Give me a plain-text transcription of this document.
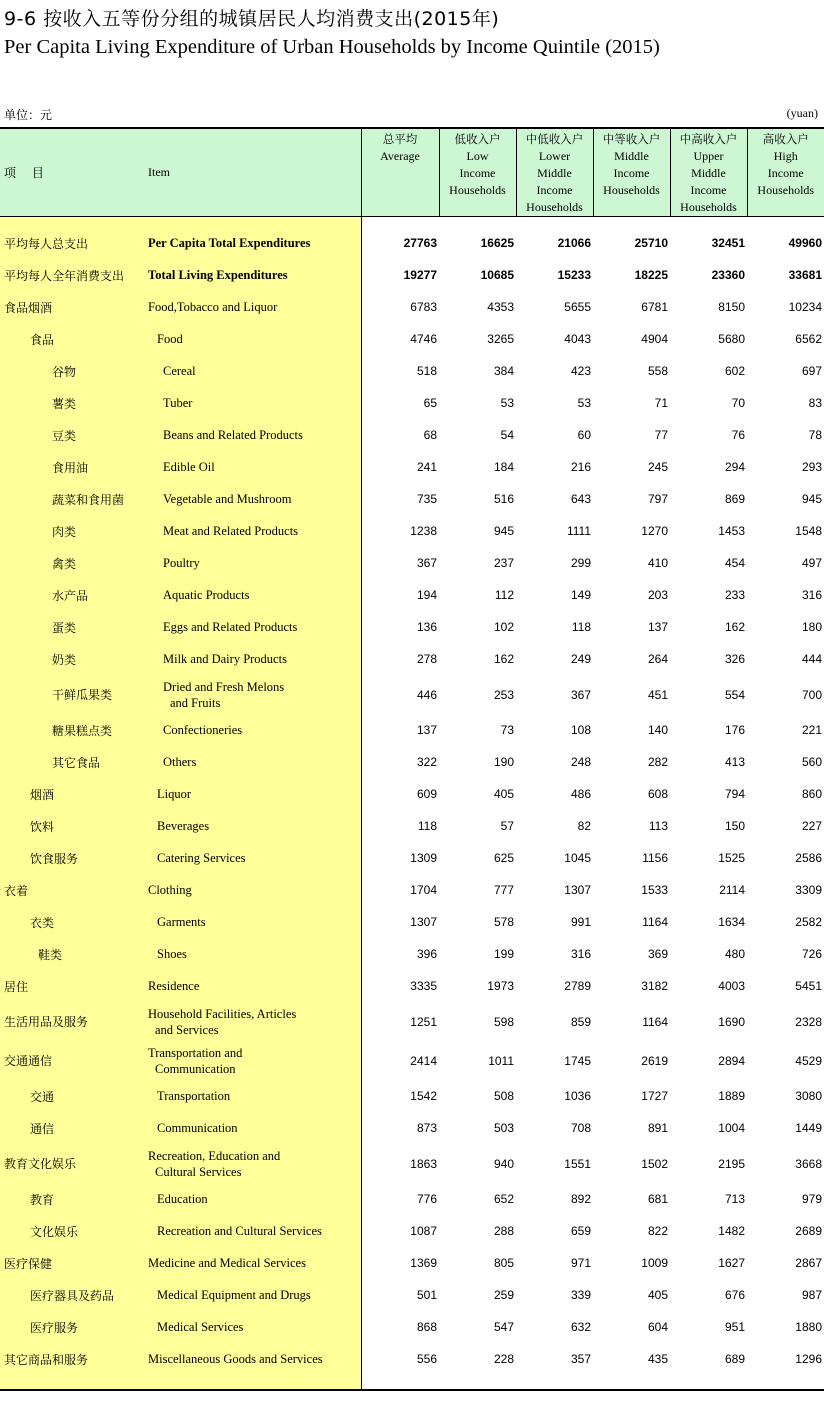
9-6 按收入五等份分组的城镇居民人均消费支出(2015年)
Per Capita Living Expenditure of Urban Households by Income Quintile (2015)
单位：元	(yuan)
项 目	Item	总平均
Average	低收入户
Low
Income
Households	中低收入户
Lower
Middle
Income
Households	中等收入户
Middle
Income
Households	中高收入户
Upper
Middle
Income
Households	高收入户
High
Income
Households

平均每人总支出	Per Capita Total Expenditures	27763	16625	21066	25710	32451	49960
平均每人全年消费支出	Total Living Expenditures	19277	10685	15233	18225	23360	33681
食品烟酒	Food,Tobacco and Liquor	6783	4353	5655	6781	8150	10234
食品	Food	4746	3265	4043	4904	5680	6562
谷物	Cereal	518	384	423	558	602	697
薯类	Tuber	65	53	53	71	70	83
豆类	Beans and Related Products	68	54	60	77	76	78
食用油	Edible Oil	241	184	216	245	294	293
蔬菜和食用菌	Vegetable and Mushroom	735	516	643	797	869	945
肉类	Meat and Related Products	1238	945	1111	1270	1453	1548
禽类	Poultry	367	237	299	410	454	497
水产品	Aquatic Products	194	112	149	203	233	316
蛋类	Eggs and Related Products	136	102	118	137	162	180
奶类	Milk and Dairy Products	278	162	249	264	326	444
干鲜瓜果类	Dried and Fresh Melons
and Fruits	446	253	367	451	554	700
糖果糕点类	Confectioneries	137	73	108	140	176	221
其它食品	Others	322	190	248	282	413	560
烟酒	Liquor	609	405	486	608	794	860
饮料	Beverages	118	57	82	113	150	227
饮食服务	Catering Services	1309	625	1045	1156	1525	2586
衣着	Clothing	1704	777	1307	1533	2114	3309
衣类	Garments	1307	578	991	1164	1634	2582
鞋类	Shoes	396	199	316	369	480	726
居住	Residence	3335	1973	2789	3182	4003	5451
生活用品及服务	Household Facilities, Articles
and Services	1251	598	859	1164	1690	2328
交通通信	Transportation and
Communication	2414	1011	1745	2619	2894	4529
交通	Transportation	1542	508	1036	1727	1889	3080
通信	Communication	873	503	708	891	1004	1449
教育文化娱乐	Recreation, Education and
Cultural Services	1863	940	1551	1502	2195	3668
教育	Education	776	652	892	681	713	979
文化娱乐	Recreation and Cultural Services	1087	288	659	822	1482	2689
医疗保健	Medicine and Medical Services	1369	805	971	1009	1627	2867
医疗器具及药品	Medical Equipment and Drugs	501	259	339	405	676	987
医疗服务	Medical Services	868	547	632	604	951	1880
其它商品和服务	Miscellaneous Goods and Services	556	228	357	435	689	1296
